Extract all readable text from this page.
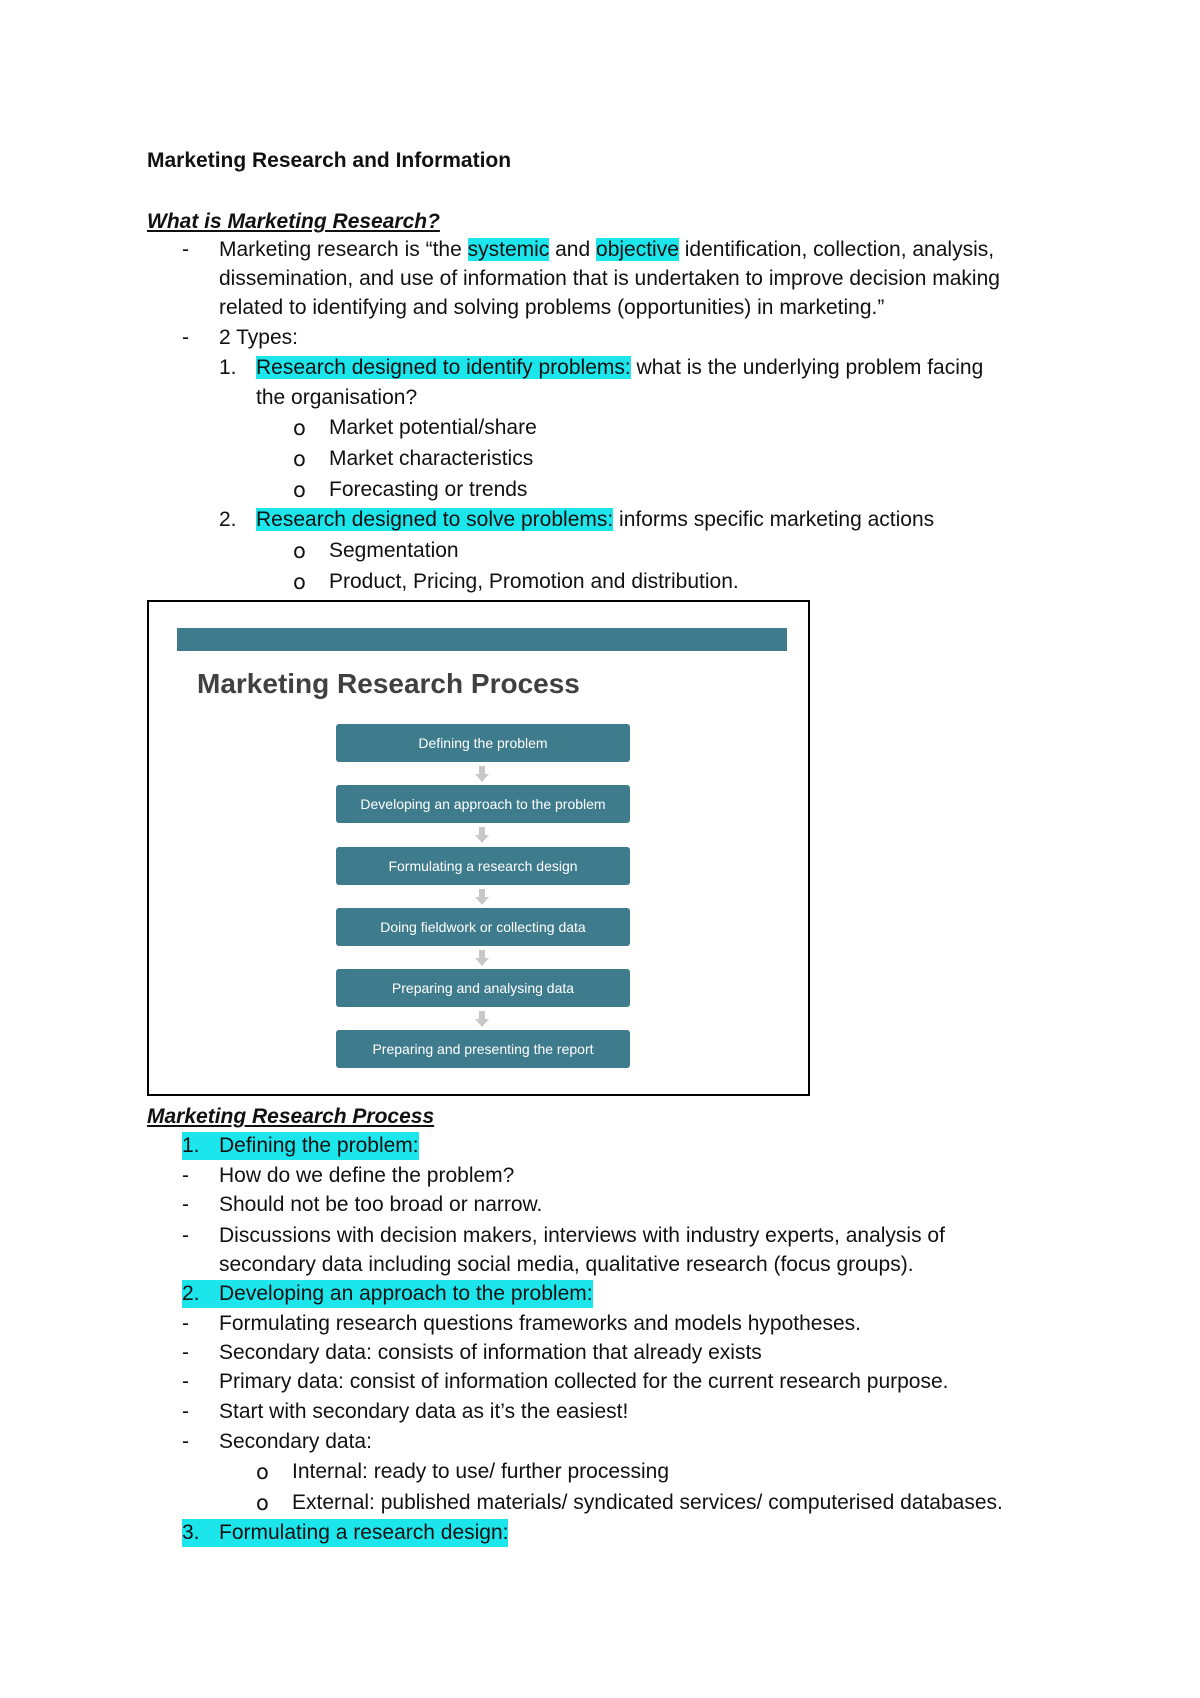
Marketing Research and Information
What is Marketing Research?
- Marketing research is “the systemic and objective identification, collection, analysis,
dissemination, and use of information that is undertaken to improve decision making
related to identifying and solving problems (opportunities) in marketing.”
- 2 Types:
1. Research designed to identify problems: what is the underlying problem facing
the organisation?
o Market potential/share
o Market characteristics
o Forecasting or trends
2. Research designed to solve problems: informs specific marketing actions
o Segmentation
o Product, Pricing, Promotion and distribution.
Marketing Research Process
Defining the problem
Developing an approach to the problem
Formulating a research design
Doing fieldwork or collecting data
Preparing and analysing data
Preparing and presenting the report
Marketing Research Process
1. Defining the problem:
- How do we define the problem?
- Should not be too broad or narrow.
- Discussions with decision makers, interviews with industry experts, analysis of
secondary data including social media, qualitative research (focus groups).
2. Developing an approach to the problem:
- Formulating research questions frameworks and models hypotheses.
- Secondary data: consists of information that already exists
- Primary data: consist of information collected for the current research purpose.
- Start with secondary data as it’s the easiest!
- Secondary data:
o Internal: ready to use/ further processing
o External: published materials/ syndicated services/ computerised databases.
3. Formulating a research design:
